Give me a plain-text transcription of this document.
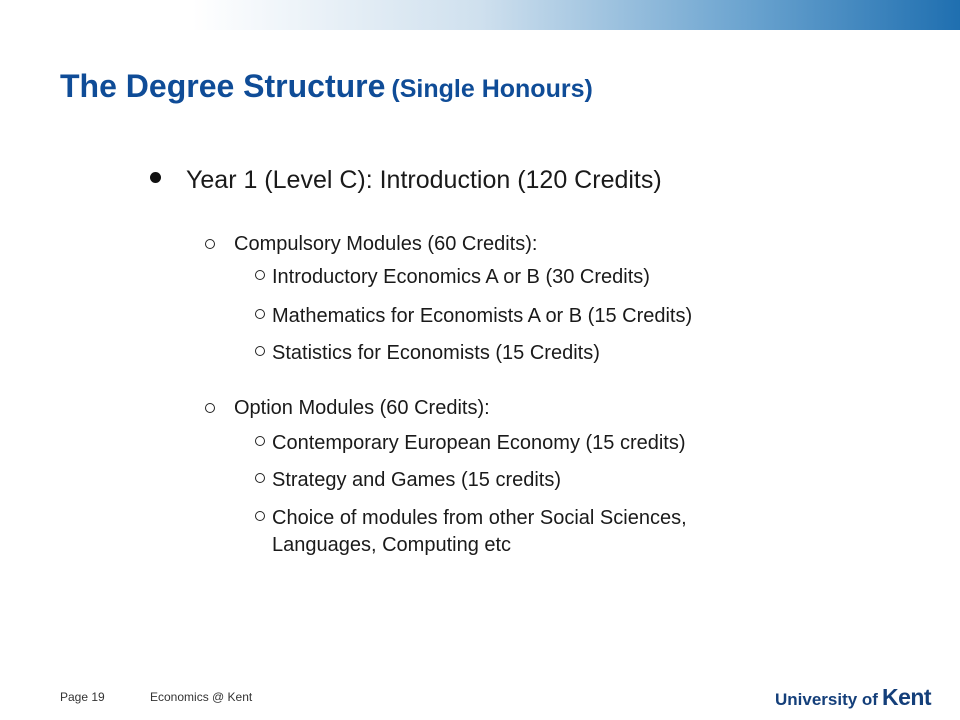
The Degree Structure (Single Honours)
Year 1 (Level C): Introduction (120 Credits)
Compulsory Modules (60 Credits):
Introductory Economics A or B (30 Credits)
Mathematics for Economists A or B (15 Credits)
Statistics for Economists (15 Credits)
Option Modules (60 Credits):
Contemporary European Economy (15 credits)
Strategy and Games (15 credits)
Choice of modules from other Social Sciences,
Languages, Computing etc
Page 19	Economics @ Kent	University of Kent
